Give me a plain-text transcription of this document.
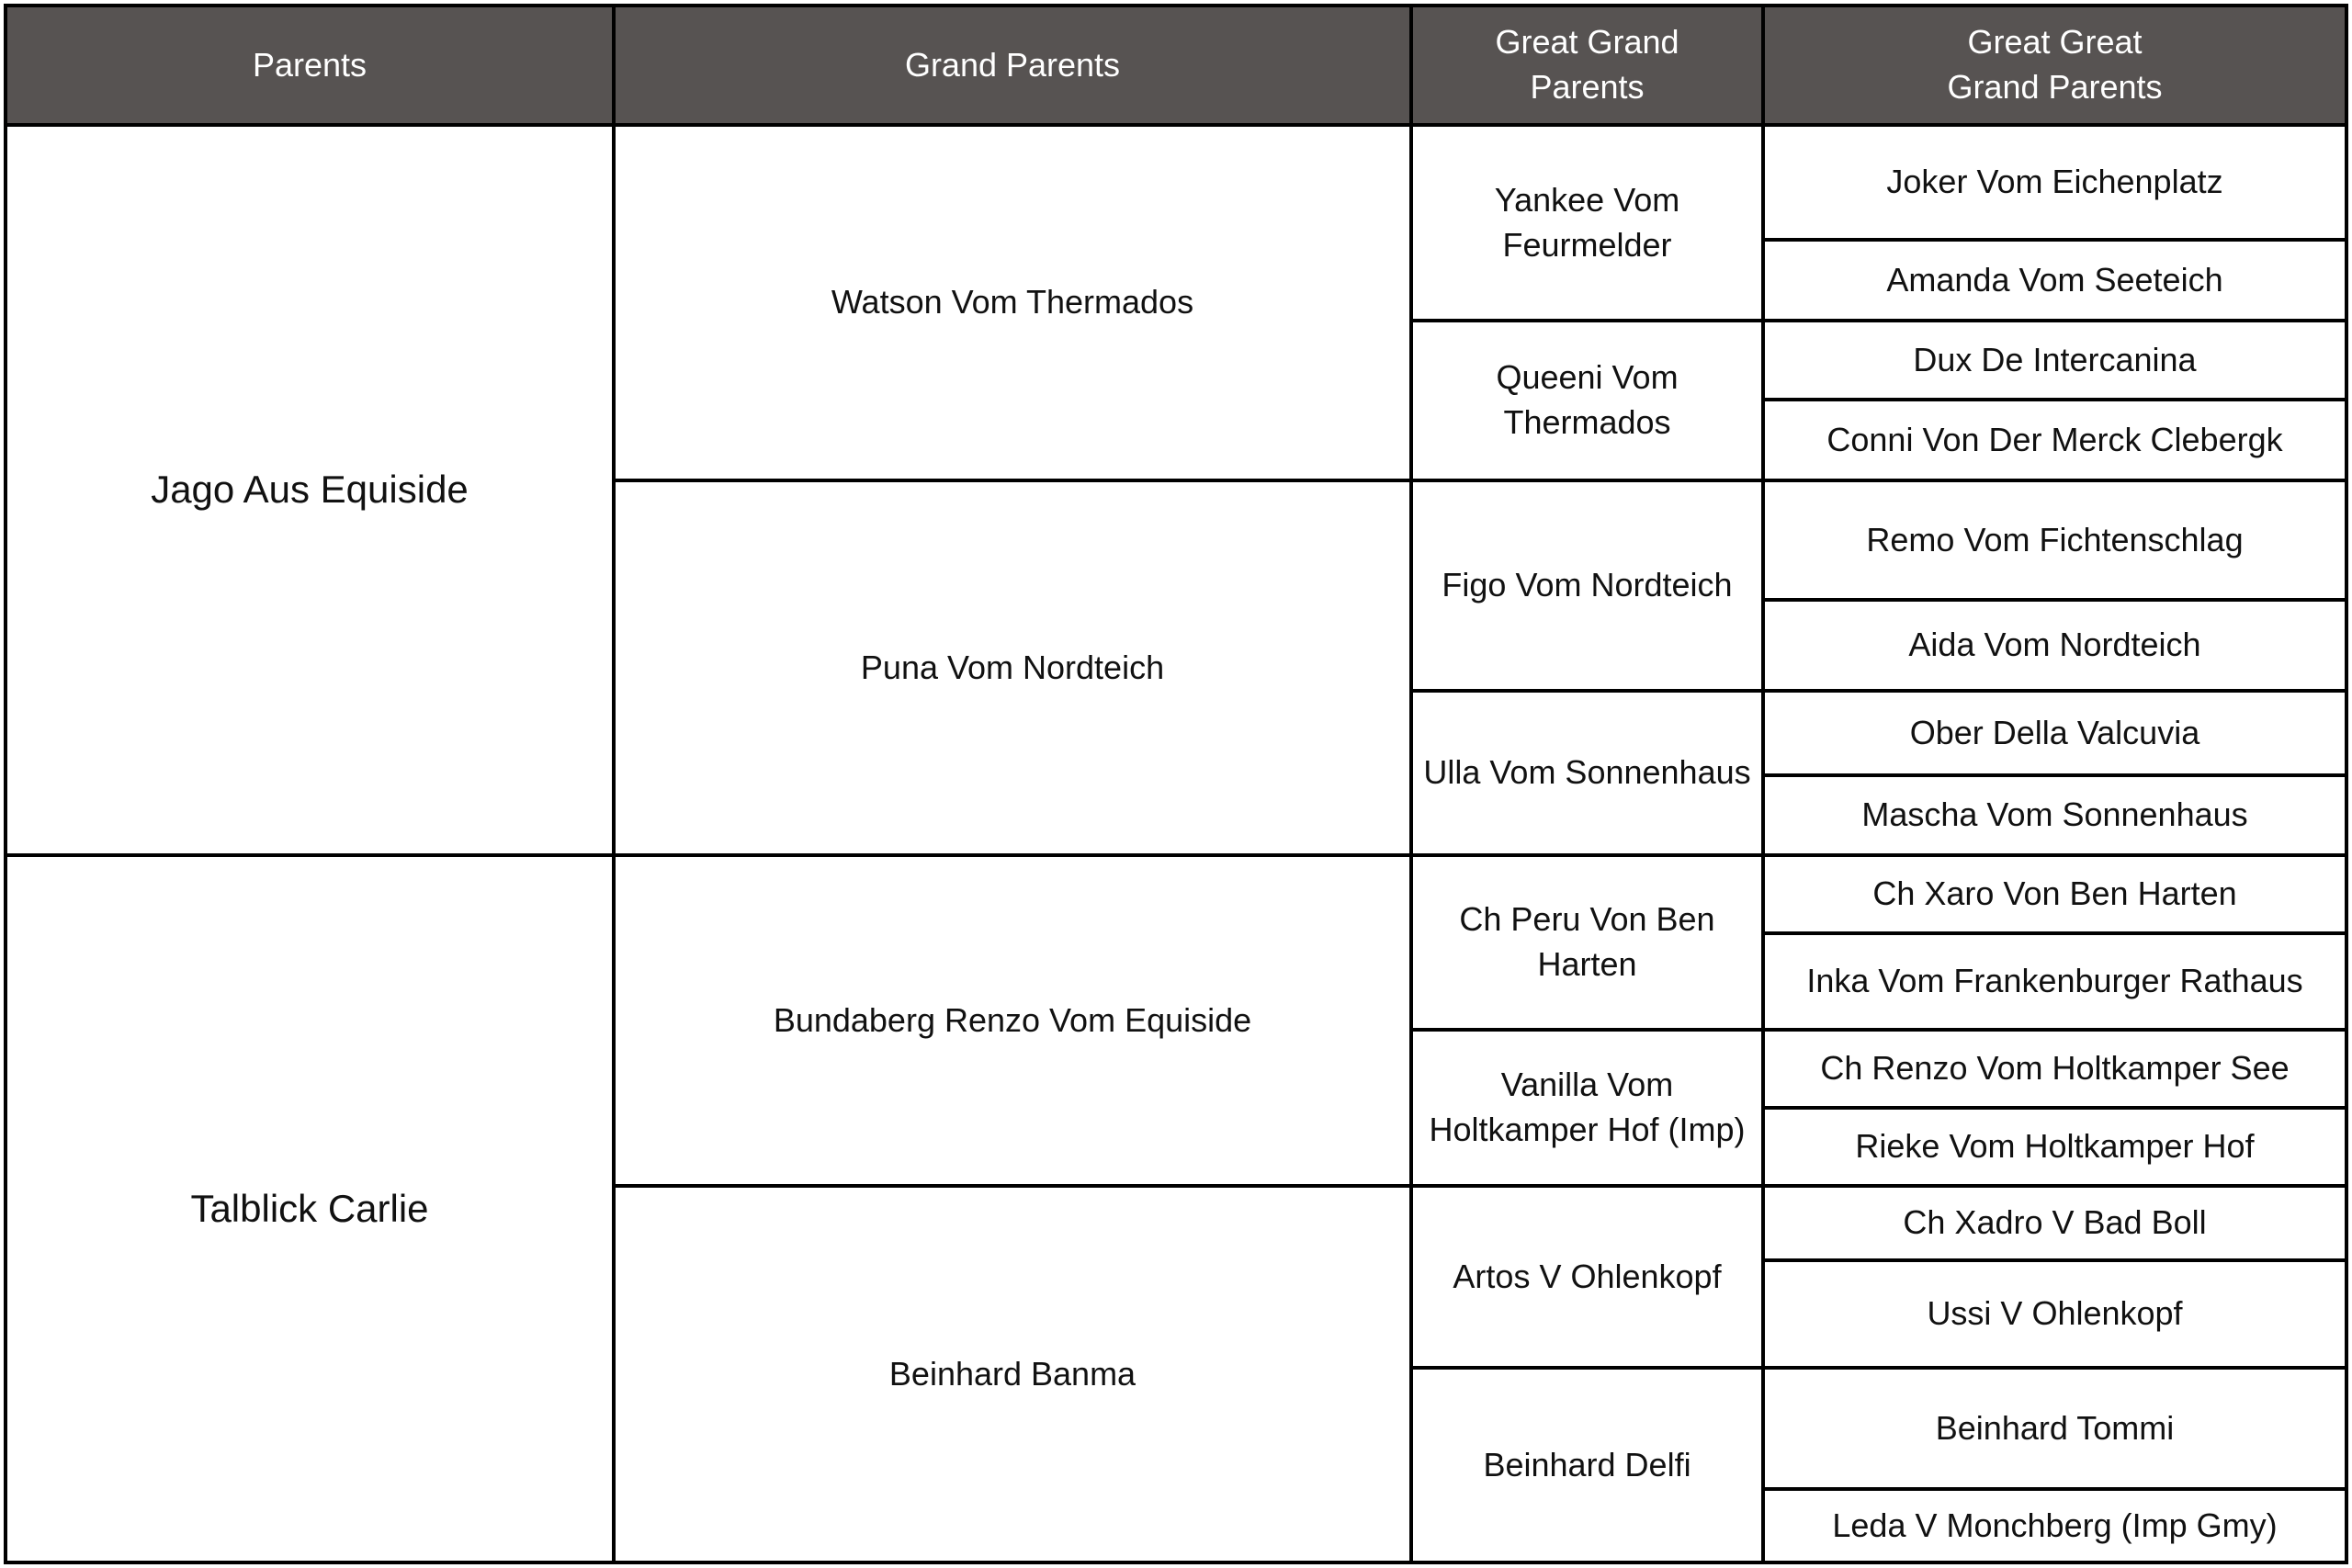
Parents	Grand Parents
Great Grand
Parents
Great Great
Grand Parents
Jago Aus Equiside
Talblick Carlie
Watson Vom Thermados
Puna Vom Nordteich
Bundaberg Renzo Vom Equiside
Beinhard Banma
Yankee Vom
Feurmelder
Queeni Vom
Thermados
Figo Vom Nordteich
Ulla Vom Sonnenhaus
Ch Peru Von Ben
Harten
Vanilla Vom
Holtkamper Hof (Imp)
Artos V Ohlenkopf
Beinhard Delfi
Joker Vom Eichenplatz
Amanda Vom Seeteich
Dux De Intercanina
Conni Von Der Merck Clebergk
Remo Vom Fichtenschlag
Aida Vom Nordteich
Ober Della Valcuvia
Mascha Vom Sonnenhaus
Ch Xaro Von Ben Harten
Inka Vom Frankenburger Rathaus
Ch Renzo Vom Holtkamper See
Rieke Vom Holtkamper Hof
Ch Xadro V Bad Boll
Ussi V Ohlenkopf
Beinhard Tommi
Leda V Monchberg (Imp Gmy)
